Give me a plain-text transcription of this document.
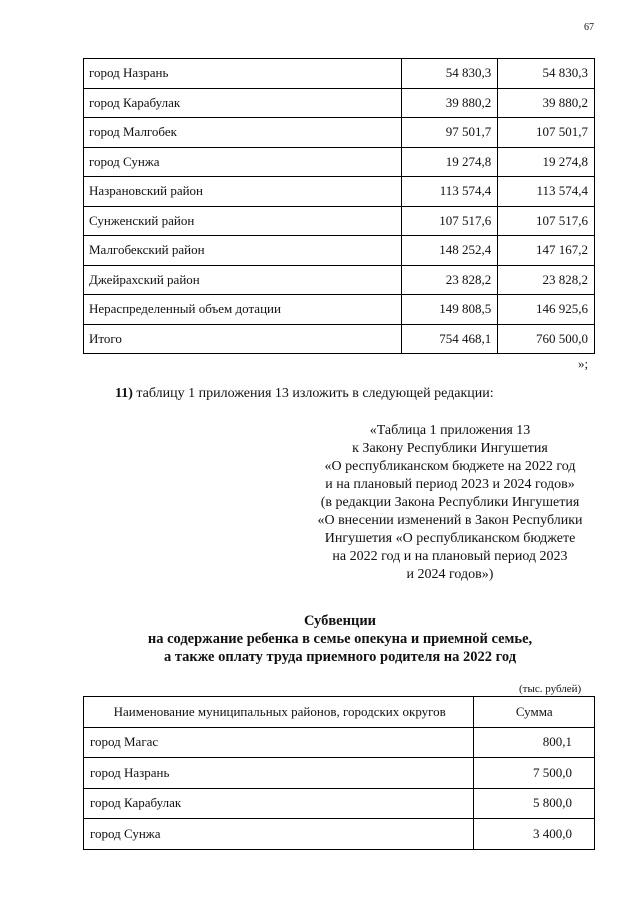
67
город Назрань	54 830,3	54 830,3
город Карабулак	39 880,2	39 880,2
город Малгобек	97 501,7	107 501,7
город Сунжа	19 274,8	19 274,8
Назрановский район	113 574,4	113 574,4
Сунженский район	107 517,6	107 517,6
Малгобекский район	148 252,4	147 167,2
Джейрахский район	23 828,2	23 828,2
Нераспределенный объем дотации	149 808,5	146 925,6
Итого	754 468,1	760 500,0
»;
11) таблицу 1 приложения 13 изложить в следующей редакции:
«Таблица 1 приложения 13
к Закону Республики Ингушетия
«О республиканском бюджете на 2022 год
и на плановый период 2023 и 2024 годов»
(в редакции Закона Республики Ингушетия
«О внесении изменений в Закон Республики
Ингушетия «О республиканском бюджете
на 2022 год и на плановый период 2023
и 2024 годов»)
Субвенции
на содержание ребенка в семье опекуна и приемной семье,
а также оплату труда приемного родителя на 2022 год
(тыс. рублей)
Наименование муниципальных районов, городских округов	Сумма
город Магас	800,1
город Назрань	7 500,0
город Карабулак	5 800,0
город Сунжа	3 400,0
